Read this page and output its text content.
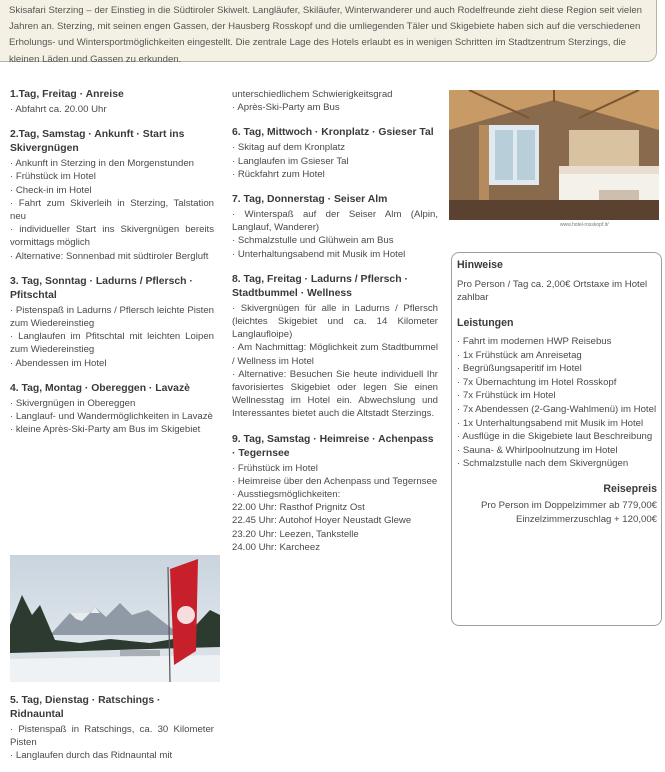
Skisafari Sterzing – der Einstieg in die Südtiroler Skiwelt. Langläufer, Skiläufer, Winterwanderer und auch Rodelfreunde zieht diese Region seit vielen Jahren an. Sterzing, mit seinen engen Gassen, der Hausberg Rosskopf und die umliegenden Täler und Skigebiete haben sich auf die verschiedenen Erholungs- und Wintersportmöglichkeiten eingestellt. Die zentrale Lage des Hotels erlaubt es in wenigen Schritten im Stadtzentrum Sterzings, die kleinen Läden und Gassen zu erkunden.
1.Tag, Freitag · Anreise
· Abfahrt ca. 20.00 Uhr
2.Tag, Samstag · Ankunft · Start ins Skivergnügen
· Ankunft in Sterzing in den Morgenstunden
· Frühstück im Hotel
· Check-in im Hotel
· Fahrt zum Skiverleih in Sterzing, Talstation neu
· individueller Start ins Skivergnügen bereits vormittags möglich
· Alternative: Sonnenbad mit südtiroler Bergluft
3. Tag, Sonntag · Ladurns / Pflersch · Pfitschtal
· Pistenspaß in Ladurns / Pflersch leichte Pisten zum Wiedereinstieg
· Langlaufen im Pfitschtal mit leichten Loipen zum Wiedereinstieg
· Abendessen im Hotel
4. Tag, Montag · Obereggen · Lavazè
· Skivergnügen in Obereggen
· Langlauf- und Wandermöglichkeiten in Lavazè
· kleine Après-Ski-Party am Bus im Skigebiet
5. Tag, Dienstag · Ratschings · Ridnauntal
· Pistenspaß in Ratschings, ca. 30 Kilometer Pisten
· Langlaufen durch das Ridnauntal mit
unterschiedlichem Schwierigkeitsgrad
· Après-Ski-Party am Bus
6. Tag, Mittwoch · Kronplatz · Gsieser Tal
· Skitag auf dem Kronplatz
· Langlaufen im Gsieser Tal
· Rückfahrt zum Hotel
7. Tag, Donnerstag · Seiser Alm
· Winterspaß auf der Seiser Alm (Alpin, Langlauf, Wanderer)
· Schmalzstulle und Glühwein am Bus
· Unterhaltungsabend mit Musik im Hotel
8. Tag, Freitag · Ladurns / Pflersch · Stadtbummel · Wellness
· Skivergnügen für alle in Ladurns / Pflersch (leichtes Skigebiet und ca. 14 Kilometer Langlaufloipe)
· Am Nachmittag: Möglichkeit zum Stadtbummel / Wellness im Hotel
· Alternative: Besuchen Sie heute individuell Ihr favorisiertes Skigebiet oder legen Sie einen Wellnesstag im Hotel ein. Abwechslung und Interessantes bietet auch die Altstadt Sterzings.
9. Tag, Samstag · Heimreise · Achenpass · Tegernsee
· Frühstück im Hotel
· Heimreise über den Achenpass und Tegernsee
· Ausstiegsmöglichkeiten:
22.00 Uhr: Rasthof Prignitz Ost
22.45 Uhr: Autohof Hoyer Neustadt Glewe
23.20 Uhr: Leezen, Tankstelle
24.00 Uhr: Karcheez
www.hotel-rosskopf.it/
Hinweise
Pro Person / Tag ca. 2,00€ Ortstaxe im Hotel zahlbar
Leistungen
· Fahrt im modernen HWP Reisebus
· 1x Frühstück am Anreisetag
· Begrüßungsaperitif im Hotel
· 7x Übernachtung im Hotel Rosskopf
· 7x Frühstück im Hotel
· 7x Abendessen (2-Gang-Wahlmenü) im Hotel
· 1x Unterhaltungsabend mit Musik im Hotel
· Ausflüge in die Skigebiete laut Beschreibung
· Sauna- & Whirlpoolnutzung im Hotel
· Schmalzstulle nach dem Skivergnügen
Reisepreis
Pro Person im Doppelzimmer ab 779,00€
Einzelzimmerzuschlag + 120,00€
